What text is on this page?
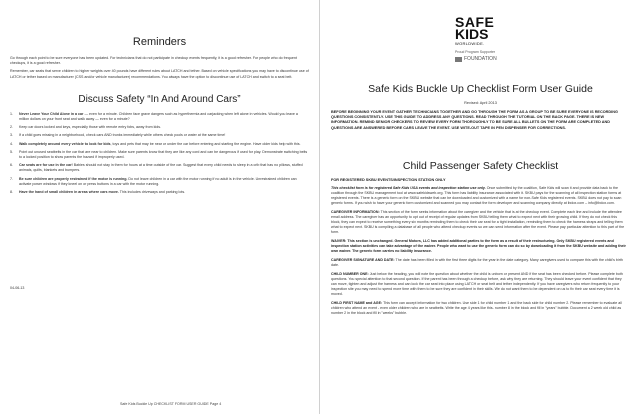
Reminders

Go through each point to be sure everyone has been updated. For technicians that do not participate in checkup events frequently, it is a good refresher. For people who do frequent checkups, it is a good refresher.

Remember, car seats that serve children to higher weights over 40 pounds have different rules about LATCH and tether. Based on vehicle specifications you may have to discontinue use of LATCH or tether based on manufacturer (CSS and/or vehicle manufacturer) recommendations. You always have the option to discontinue use of LATCH and switch to a seat belt.

Discuss Safety “In And Around Cars”
1.	Never Leave Your Child Alone in a car — even for a minute. Children face grave dangers such as hyperthermia and carjacking when left alone in vehicles. Would you leave a million dollars on your front seat and walk away — even for a minute?
2.	Keep car doors locked and keys, especially those with remote entry fobs, away from kids.
3.	If a child goes missing in a neighborhood, check cars AND trunks immediately while others check pools or water at the same time!
4.	Walk completely around every vehicle to look for kids, toys and pets that may be near or under the car before entering and starting the engine. Have older kids help with this.
5.	Point out unused seatbelts in the car that are near to children. Make sure parents know that they are like any cord and can be dangerous if used for play. Demonstrate switching belts to a locked position to show parents the hazard if improperly used.
6.	Car seats are for use in the car! Babies should not stay in them for hours at a time outside of the car. Suggest that every child needs to sleep in a crib that has no pillows, stuffed animals, quilts, blankets and bumpers.
7.	Be sure children are properly restrained if the motor is running. Do not leave children in a car with the motor running if no adult is in the vehicle. Unrestrained children can activate power windows if they kneel on or press buttons in a car with the motor running.
8.	Have the hand of small children in areas where cars move. This includes driveways and parking lots.
04-06-13
Safe Kids Buckle Up CHECKLIST FORM USER GUIDE Page 4
SAFE
KIDS
WORLDWIDE.
Proud Program Supporter
FOUNDATION
Safe Kids Buckle Up Checklist Form User Guide
Revised: April 2013
BEFORE BEGINNING YOUR EVENT GATHER TECHNICIANS TOGETHER AND GO THROUGH THE FORM AS A GROUP TO BE SURE EVERYONE IS RECORDING QUESTIONS CONSISTENTLY. USE THIS GUIDE TO ADDRESS ANY QUESTIONS. READ THROUGH THE TUTORIAL ON THE BACK PAGE. THERE IS NEW INFORMATION. REMIND SENIOR CHECKERS TO REVIEW EVERY FORM THOROUGHLY TO BE SURE ALL BULLETS ON THE FORM ARE COMPLETED AND QUESTIONS ARE ANSWERED BEFORE CARS LEAVE THE EVENT. USE WITE-OUT TAPE IN PEN DISPENSER FOR CORRECTIONS.
Child Passenger Safety Checklist

FOR REGISTERED SKBU EVENTS/INSPECTION STATION ONLY

This checklist form is for registered Safe Kids USA events and inspection station use only. Once submitted by the coalition, Safe Kids will scan it and provide data back to the coalition through the SKBU management tool at www.safekidsweb.org. This form has liability insurance associated with it. SKBU pays for the scanning of all inspection station forms at registered events. There is a generic form on the SKBU website that can be downloaded and customized with a name for non-Safe Kids registered events. SKBU does not pay to scan generic forms. If you wish to have your generic form customized and scanned you may contact the form developer and scanning company directly at ibdox.com – info@ibdox.com.

CAREGIVER INFORMATION: This section of the form seeks information about the caregiver and the vehicle that is at the checkup event. Complete each line and include the attendee email address. The caregiver has an opportunity to opt out of receipt of regular updates from SKBU telling them what to expect next with their growing child. If they do not check this block, they can expect to receive something every six months reminding them to check their car seat for a tight installation, reminding them to check the harness straps and telling them what to expect next. SKBU is compiling a database of all people who attend checkup events so we can send information after the event. Please pay particular attention to this part of the form.

WAIVER: This section is unchanged. General Motors, LLC has added additional parties to the form as a result of their restructuring. Only SKBU registered events and inspection station activities can take advantage of the waiver. People who want to use the generic form can do so by downloading it from the SKBU website and adding their own waiver. The generic form carries no liability insurance.

CAREGIVER SIGNATURE AND DATE: The date has been filled in with the first three digits for the year in the date category. Many caregivers used to compare this with the child's birth date.

CHILD NUMBER ONE: Just below the heading, you will note the question about whether the child is unborn or present AND if the seat has been checked before. Please complete both questions. You special attention to that second question. If the parent has been through a checkup before, ask why they are returning. They should leave your event confident that they can move, tighten and adjust the harness and can lock the car seat into place using LATCH or seat belt and tether independently. If you have caregivers who return frequently to your inspection site you may need to spend more time with them to be sure they are confident in their skills. We do not want them to be dependent on us to fix their car seat every time it is moved.

CHILD FIRST NAME and AGE: This form can accept information for two children. Use side 1 for child number 1 and the back side for child number 2. Please remember to evaluate all children who attend an event - even older children who are in seatbelts. Write the age 4 years like this- number 8 in the block and fill in "years" bubble. Document a 2 week old child as number 2 in the block and fill in "weeks" bubble.
